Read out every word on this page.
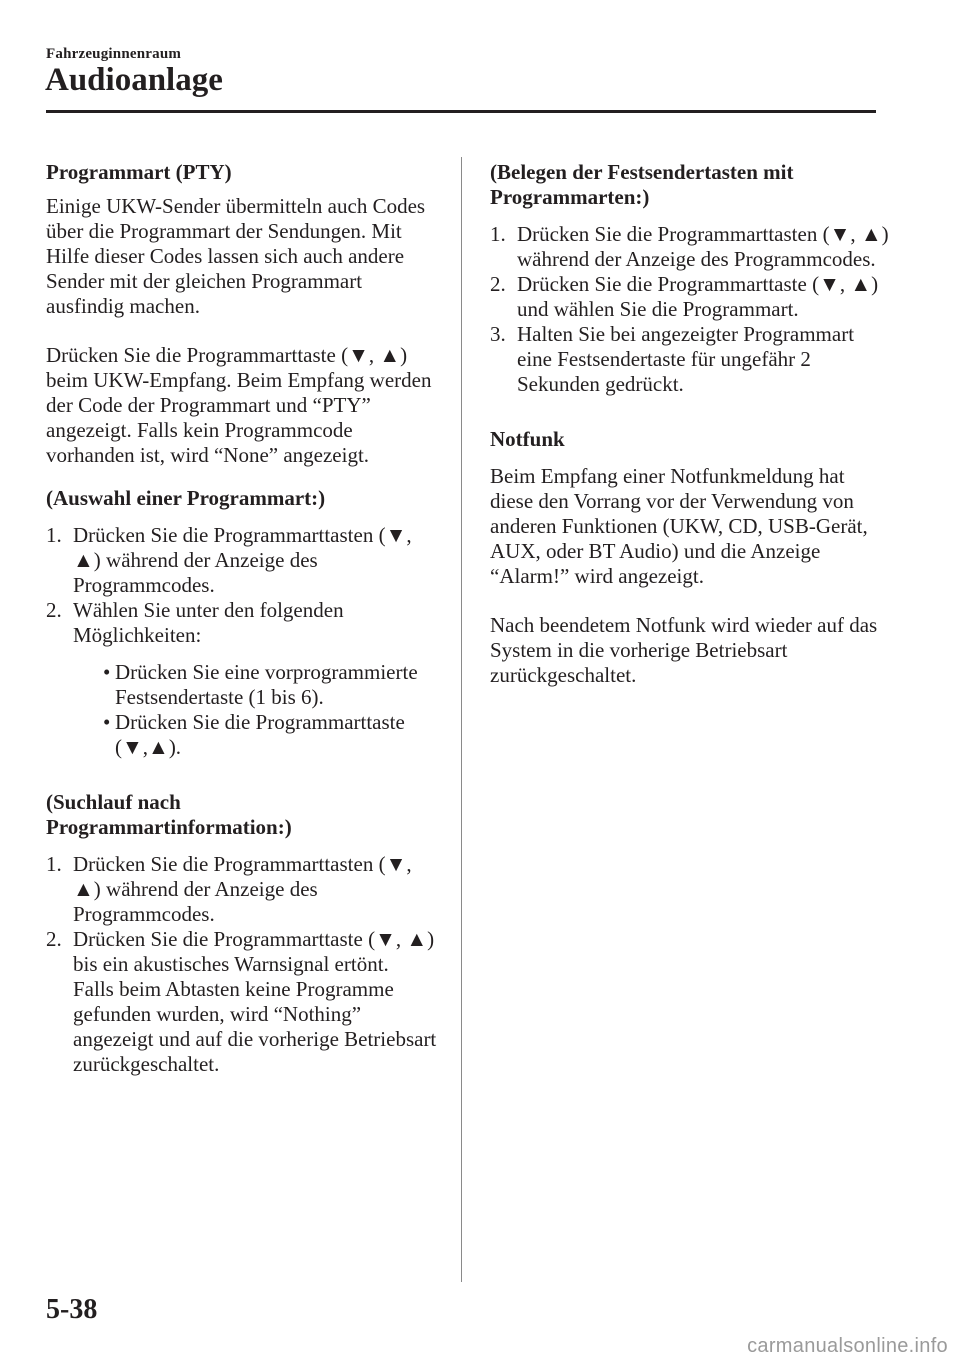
Fahrzeuginnenraum
Audioanlage
Programmart (PTY)

Einige UKW-Sender übermitteln auch Codes über die Programmart der Sendungen. Mit Hilfe dieser Codes lassen sich auch andere Sender mit der gleichen Programmart ausfindig machen.

Drücken Sie die Programmarttaste (▼, ▲) beim UKW-Empfang. Beim Empfang werden der Code der Programmart und “PTY” angezeigt. Falls kein Programmcode vorhanden ist, wird “None” angezeigt.

(Auswahl einer Programmart:)
1. Drücken Sie die Programmarttasten (▼, ▲) während der Anzeige des Programmcodes.
2. Wählen Sie unter den folgenden Möglichkeiten:
• Drücken Sie eine vorprogrammierte Festsendertaste (1 bis 6).
• Drücken Sie die Programmarttaste (▼,▲).
(Suchlauf nach
Programmartinformation:)
1. Drücken Sie die Programmarttasten (▼, ▲) während der Anzeige des Programmcodes.
2. Drücken Sie die Programmarttaste (▼, ▲) bis ein akustisches Warnsignal ertönt.
Falls beim Abtasten keine Programme gefunden wurden, wird “Nothing” angezeigt und auf die vorherige Betriebsart zurückgeschaltet.
(Belegen der Festsendertasten mit
Programmarten:)
1. Drücken Sie die Programmarttasten (▼, ▲) während der Anzeige des Programmcodes.
2. Drücken Sie die Programmarttaste (▼, ▲) und wählen Sie die Programmart.
3. Halten Sie bei angezeigter Programmart eine Festsendertaste für ungefähr 2 Sekunden gedrückt.
Notfunk

Beim Empfang einer Notfunkmeldung hat diese den Vorrang vor der Verwendung von anderen Funktionen (UKW, CD, USB-Gerät, AUX, oder BT Audio) und die Anzeige “Alarm!” wird angezeigt.

Nach beendetem Notfunk wird wieder auf das System in die vorherige Betriebsart zurückgeschaltet.

5-38
carmanualsonline.info
